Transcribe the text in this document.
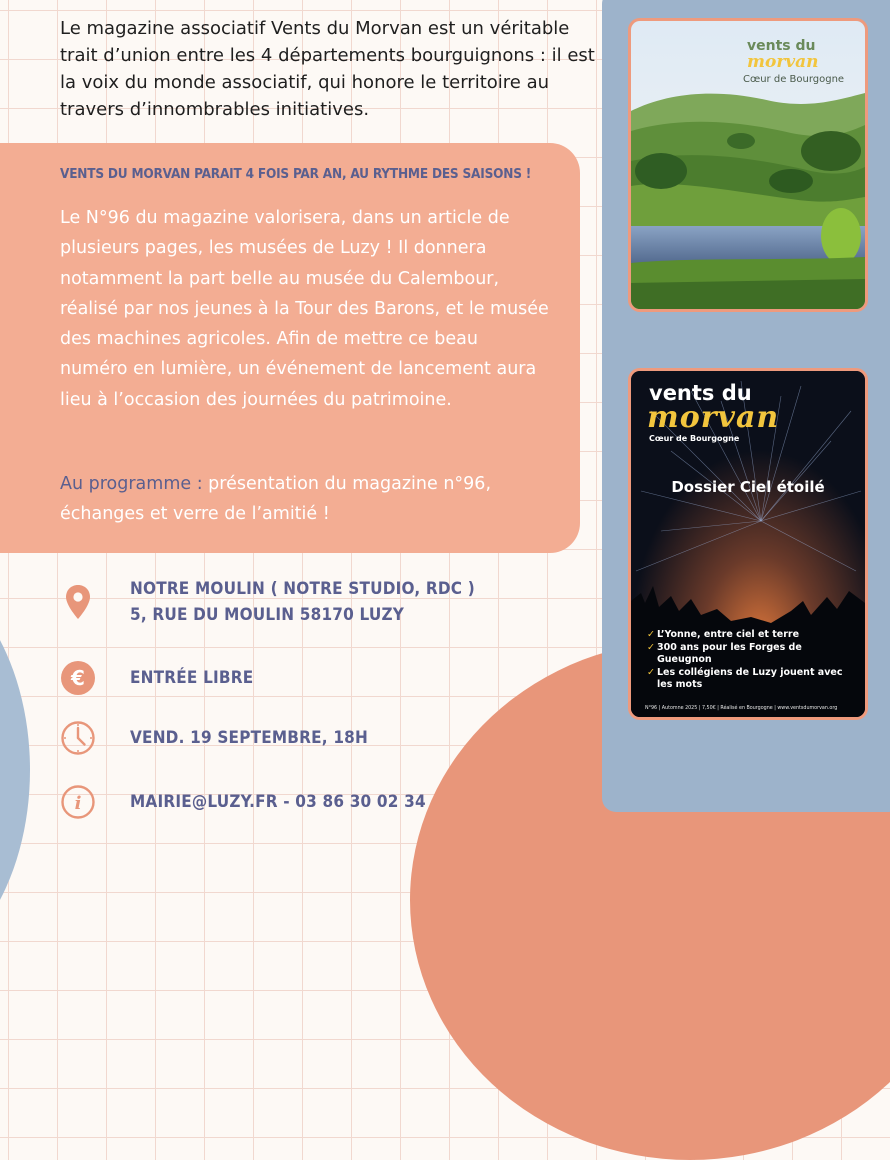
Le magazine associatif Vents du Morvan est un véritable trait d’union entre les 4 départements bourguignons : il est la voix du monde associatif, qui honore le territoire au travers d’innombrables initiatives.

VENTS DU MORVAN PARAIT 4 FOIS PAR AN, AU RYTHME DES SAISONS !

Le N°96 du magazine valorisera, dans un article de plusieurs pages, les musées de Luzy ! Il donnera notamment la part belle au musée du Calembour, réalisé par nos jeunes à la Tour des Barons, et le musée des machines agricoles. Afin de mettre ce beau numéro en lumière, un événement de lancement aura lieu à l’occasion des journées du patrimoine.

Au programme : présentation du magazine n°96, échanges et verre de l’amitié !

NOTRE MOULIN ( NOTRE STUDIO, RDC )
5, RUE DU MOULIN 58170 LUZY
€	ENTRÉE LIBRE
VEND. 19 SEPTEMBRE, 18H
i	MAIRIE@LUZY.FR - 03 86 30 02 34
vents du
morvan
Cœur de Bourgogne
vents du
morvan
Cœur de Bourgogne
Dossier Ciel étoilé
✓ L’Yonne, entre ciel et terre
✓ 300 ans pour les Forges de Gueugnon
✓ Les collégiens de Luzy jouent avec les mots
N°96 | Automne 2025 | 7,50€ | Réalisé en Bourgogne | www.ventsdumorvan.org
